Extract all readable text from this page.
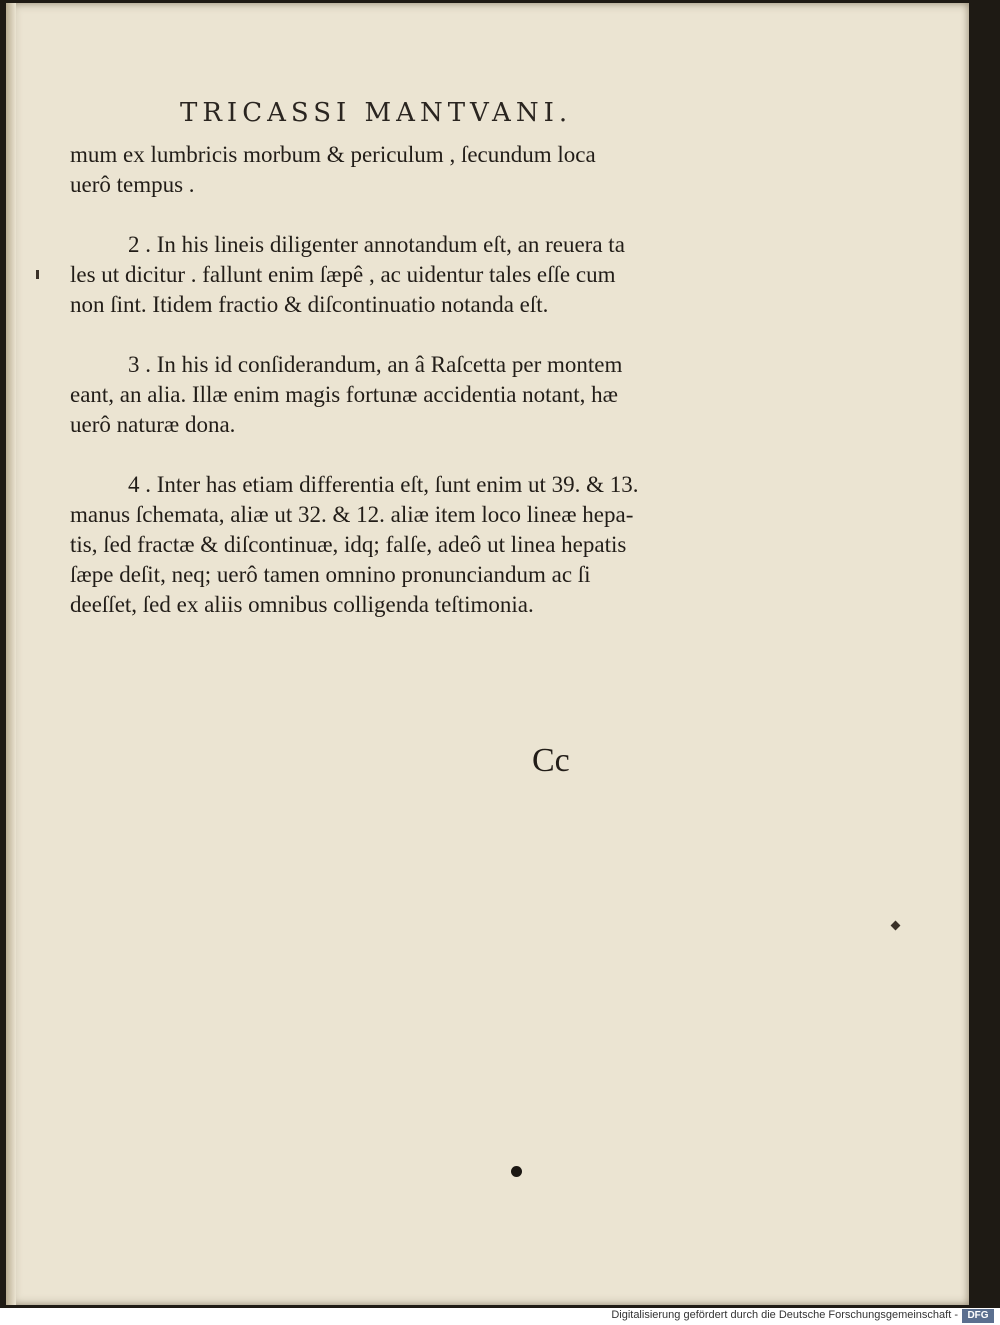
TRICASSI MANTVANI.
mum ex lumbricis morbum & periculum , ſecundum loca
uerô tempus .
2 . In his lineis diligenter annotandum eſt, an reuera ta
les ut dicitur . fallunt enim ſæpê , ac uidentur tales eſſe cum
non ſint. Itidem fractio & diſcontinuatio notanda eſt.
3 . In his id conſiderandum, an â Raſcetta per montem
eant, an alia. Illæ enim magis fortunæ accidentia notant, hæ
uerô naturæ dona.
4 . Inter has etiam differentia eſt, ſunt enim ut 39. & 13.
manus ſchemata, aliæ ut 32. & 12. aliæ item loco lineæ hepa-
tis, ſed fractæ & diſcontinuæ, idq; falſe, adeô ut linea hepatis
ſæpe deſit, neq; uerô tamen omnino pronunciandum ac ſi
deeſſet, ſed ex aliis omnibus colligenda teſtimonia.
Cc
Digitalisierung gefördert durch die Deutsche Forschungsgemeinschaft - DFG
